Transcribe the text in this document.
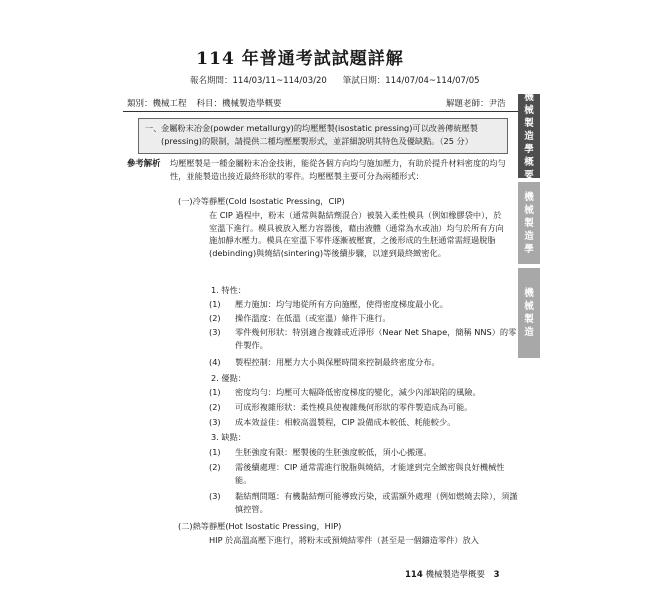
114 年普通考試試題詳解
報名期間：114/03/11~114/03/20 筆試日期：114/07/04~114/07/05
類別：機械工程 科目：機械製造學概要	解題老師：尹浩
一、 金屬粉末冶金(powder metallurgy)的均壓壓製(isostatic pressing)可以改善傳統壓製(pressing)的限制，請提供二種均壓壓製形式，並詳細說明其特色及優缺點。（25 分）
參考解析 均壓壓製是一種金屬粉末冶金技術，能從各個方向均勻施加壓力，有助於提升材料密度的均勻性，並能製造出接近最終形狀的零件。均壓壓製主要可分為兩種形式：
(一)冷等靜壓(Cold Isostatic Pressing，CIP)
在 CIP 過程中，粉末（通常與黏結劑混合）被裝入柔性模具（例如橡膠袋中），於室溫下進行。模具被放入壓力容器後，藉由液體（通常為水或油）均勻於所有方向施加靜水壓力。模具在室溫下零件逐漸被壓實，之後形成的生胚通常需經過脫脂(debinding)與燒結(sintering)等後續步驟，以達到最終緻密化。
1. 特性：
(1) 壓力施加：均勻地從所有方向施壓，使得密度梯度最小化。
(2) 操作溫度：在低溫（或室溫）條件下進行。
(3) 零件幾何形狀：特別適合複雜或近淨形（Near Net Shape，簡稱 NNS）的零件製作。
(4) 製程控制：用壓力大小與保壓時間來控制最終密度分布。
2. 優點：
(1) 密度均勻：均壓可大幅降低密度梯度的變化，減少內部缺陷的風險。
(2) 可成形複雜形狀：柔性模具使複雜幾何形狀的零件製造成為可能。
(3) 成本效益佳：相較高溫製程，CIP 設備成本較低、耗能較少。
3. 缺點：
(1) 生胚強度有限：壓製後的生胚強度較低，須小心搬運。
(2) 需後續處理：CIP 通常需進行脫脂與燒結，才能達到完全緻密與良好機械性能。
(3) 黏結劑問題：有機黏結劑可能導致污染，或需額外處理（例如燃燒去除），須謹慎控管。
(二)熱等靜壓(Hot Isostatic Pressing，HIP)
HIP 於高溫高壓下進行，將粉末或預燒結零件（甚至是一個鑄造零件）放入
機
械
製
造
學
概
要
機
械
製
造
學
機
械
製
造
114 機械製造學概要 3
